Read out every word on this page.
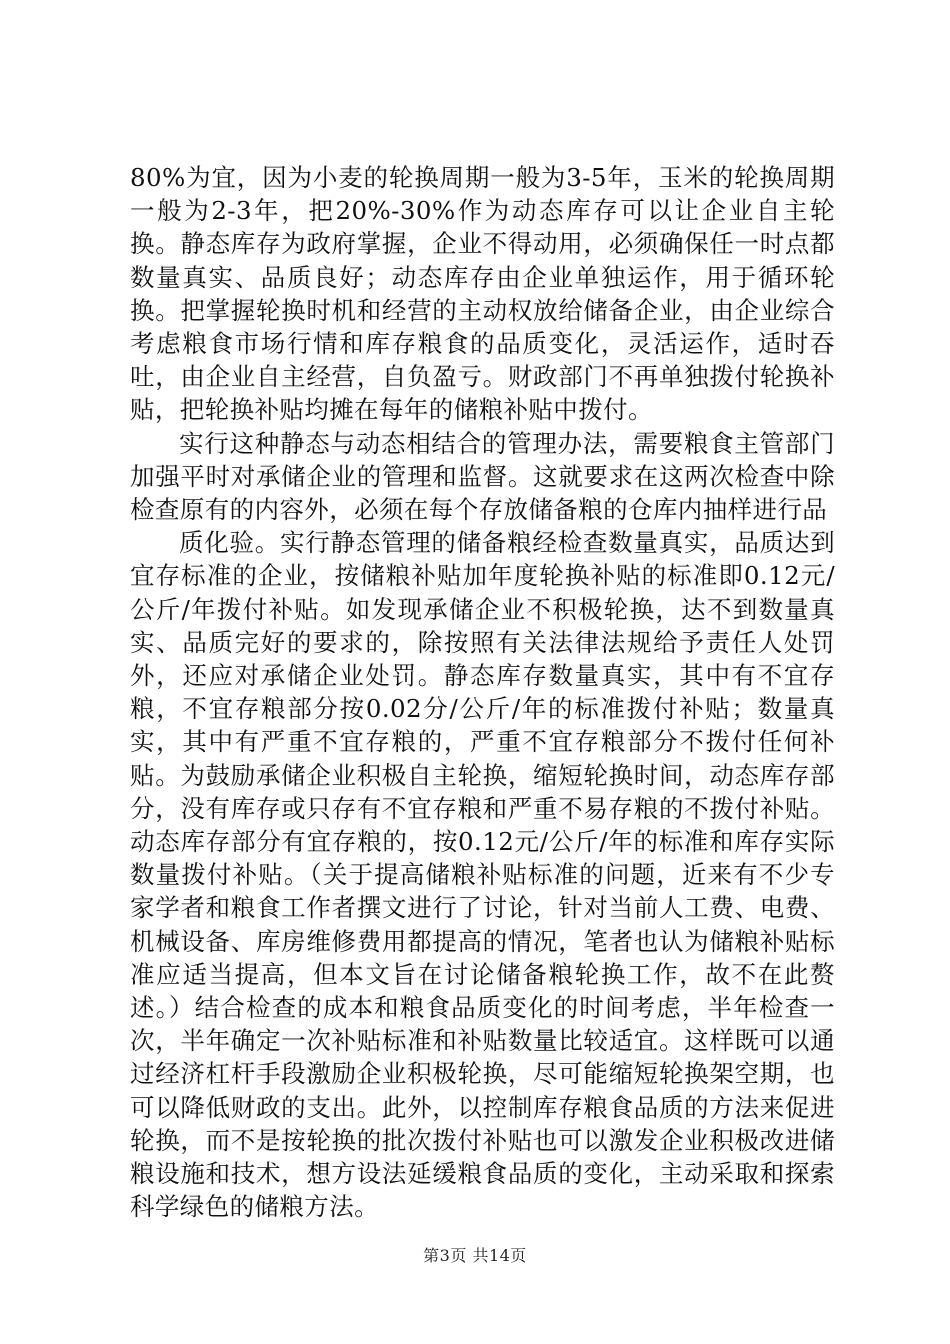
80%为宜，因为小麦的轮换周期一般为3-5年，玉米的轮换周期一般为2-3年，把20%-30%作为动态库存可以让企业自主轮换。静态库存为政府掌握，企业不得动用，必须确保任一时点都数量真实、品质良好；动态库存由企业单独运作，用于循环轮换。把掌握轮换时机和经营的主动权放给储备企业，由企业综合考虑粮食市场行情和库存粮食的品质变化，灵活运作，适时吞吐，由企业自主经营，自负盈亏。财政部门不再单独拨付轮换补贴，把轮换补贴均摊在每年的储粮补贴中拨付。

实行这种静态与动态相结合的管理办法，需要粮食主管部门加强平时对承储企业的管理和监督。这就要求在这两次检查中除检查原有的内容外，必须在每个存放储备粮的仓库内抽样进行品

质化验。实行静态管理的储备粮经检查数量真实，品质达到宜存标准的企业，按储粮补贴加年度轮换补贴的标准即0.12元/公斤/年拨付补贴。如发现承储企业不积极轮换，达不到数量真实、品质完好的要求的，除按照有关法律法规给予责任人处罚外，还应对承储企业处罚。静态库存数量真实，其中有不宜存粮，不宜存粮部分按0.02分/公斤/年的标准拨付补贴；数量真实，其中有严重不宜存粮的，严重不宜存粮部分不拨付任何补贴。为鼓励承储企业积极自主轮换，缩短轮换时间，动态库存部分，没有库存或只存有不宜存粮和严重不易存粮的不拨付补贴。动态库存部分有宜存粮的，按0.12元/公斤/年的标准和库存实际数量拨付补贴。（关于提高储粮补贴标准的问题，近来有不少专家学者和粮食工作者撰文进行了讨论，针对当前人工费、电费、机械设备、库房维修费用都提高的情况，笔者也认为储粮补贴标准应适当提高，但本文旨在讨论储备粮轮换工作，故不在此赘述。）结合检查的成本和粮食品质变化的时间考虑，半年检查一次，半年确定一次补贴标准和补贴数量比较适宜。这样既可以通过经济杠杆手段激励企业积极轮换，尽可能缩短轮换架空期，也可以降低财政的支出。此外，以控制库存粮食品质的方法来促进轮换，而不是按轮换的批次拨付补贴也可以激发企业积极改进储粮设施和技术，想方设法延缓粮食品质的变化，主动采取和探索科学绿色的储粮方法。

第3页 共14页
